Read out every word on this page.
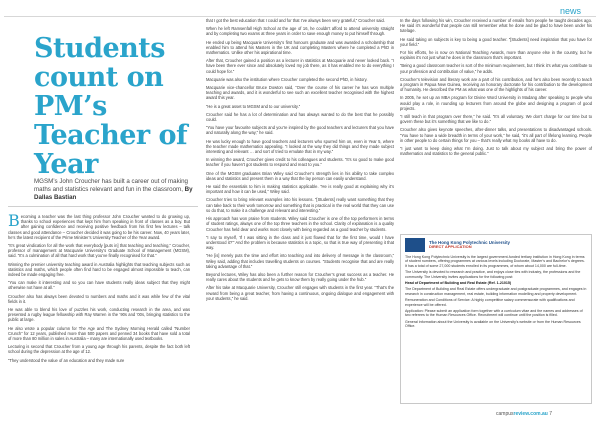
news
Students count on PM’s Teacher of Year
MGSM’s John Croucher has built a career out of making maths and statistics relevant and fun in the classroom, By Dallas Bastian

Becoming a teacher was the last thing professor John Croucher wanted to do growing up, thanks to school experiences that kept him from speaking in front of classes as a boy. But after gaining confidence and receiving positive feedback from his first few lectures – talk classes and good attendance – Croucher decided it was going to be his career. Now, 40 years later, he’s the latest recipient of the Prime Minister’s University Teacher of the Year award.

“It’s great vindication for all the work that everybody [puts in] that teaching and teaching,” Croucher, professor of management at Macquarie University’s Graduate School of Management (MGSM), said. “It’s a culmination of all that hard work that you’ve finally recognised for that.”

Winning the premier university teaching award in Australia highlights that teaching subjects such as statistics and maths, which people often find hard to be engaged almost impossible to teach, can indeed be made engaging free.

“You can make it interesting and so you can have students really ideas subject that they might otherwise not have at all.”

Croucher also has always been devoted to numbers and maths and it was while few of the vital fields in it.

He was able to blend his love of puzzles his work, conducting research in the area, and was presented a rugby league fellowship with Ray Warren in the ’90s and ’00s, bringing statistics to the public at large.

He also wrote a popular column for The Age and The Sydney Morning Herald called “Number Crunch” for 12 years, published more than 500 papers and penned 34 books that have sold a total of more than 80 million in sales in Australia – many are internationally used textbooks.

Lecturing is second that Croucher from a young age through his parents, despite the fact both left school during the depression at the age of 12.

“They understood the value of an education and they made sure

that I got the best education that I could and for that I’ve always been very grateful,” Croucher said.

When he left Ramsenfall High School at the age of 16, he couldn’t afford to attend university straight and by completing two exams at three years in order to save enough money to put himself through.

He ended up being Macquarie University’s first honours graduate and was awarded a scholarship that enabled him to attend his Masters in the UK and completing Masters where he completed a PhD in mathematics. Unlike other his aspirational time.

After that, Croucher gained a position as a lecturer in statistics at Macquarie and never looked back. “I have been there ever since and absolutely loved my job there, as it has enabled me to do everything I could hope for.”

Macquarie was also the institution where Croucher completed the second PhD, in history.

Macquarie vice-chancellor Bruce Dowton said, “Over the course of his career he has won multiple teaching and awards, and it is wonderful to see such an excellent teacher recognised with the highest award this year.

“He is a great asset to MGSM and to our university.”

Croucher said he has a lot of determination and has always wanted to do the best that he possibly could.

“You have your favourite subjects and you’re inspired by the good teachers and lecturers that you have and naturally along the way,” he said.

He was lucky enough to have good teachers and lecturers who spurred him on, even in Year 5, where the teacher made mathematics appealing. “I looked at the way they did things and they made subject interesting and relevant … and sort of tried to emulate that in my way.”

In winning the award, Croucher gives credit to his colleagues and students. “It’s so good to make good teacher if you haven’t got students to respond and react to you.”

One of the MGSM graduates Brian Wiley said Croucher’s strength lies in his ability to take complex ideas and statistics and present them in a way that the lay person can easily understand.

He said the essentials to him is making statistics applicable. “He is really good at explaining why it’s important and how it can be used,” Wiley said.

Croucher tries to bring relevant examples into his lessons. “[Students] really want something that they can take back to their work tomorrow and something that is practical in the real world that they can use so do that, to make it a challenge and relevant and interesting.”

His approach has won praise from students. Wiley said Croucher is one of the top performers in terms of student ratings, always one of the top three teachers in the school. Clarity of explanation is a quality Croucher has held dear and works most closely with being regarded as a good teacher by students.

“I say to myself, ‘If I was sitting in the class and it just flowed that for the first time, would I have understood it?’” And the problem is because statistics is a topic, so that is true way of presenting it that way.

“He [is] merely puts the time and effort into teaching and into delivery of message in the classroom,” Wiley said, adding that includes travelling students on courses. “Students recognise that and are really taking advantage of that.”

Beyond lectures, Wiley has also been a further reason for Croucher’s great success as a teacher. He really cares about the students and he gets to know them by really going under the hub.”

After his take at Macquarie University, Croucher still engages with students in the first year. “That’s the reward from being a great teacher, from having a continuous, ongoing dialogue and engagement with your students,” he said.

In the days following his win, Croucher received a number of emails from people he taught decades ago. He said it’s wonderful that people can still remember what he done and be glad to have been under his tutelage.

He said taking on subjects is key to being a good teacher. “[Students] need inspiration that you have for your field.”

For his efforts, he is now on National Teaching Awards, more than anyone else in the country, but he explains it’s not just what he does in the classroom that’s important.

“Being a good classroom teacher is sort of the minimum requirement, but I think it’s what you contribute to your profession and contribution of value,” he adds.

Croucher’s television and literary work are a part of his contribution, and he’s also been recently to teach a program in Papua New Guinea, receiving an honorary doctorate for his contribution to the development of humanity. He described the PM as what was one of the highlights of his career.

In 2005, he set up an MBA program for Divine Word University in Madang after speaking to people who would play a role, in rounding up lecturers from around the globe and designing a program of good projects.

“I still teach in that program over there,” he said. “It’s all voluntary. We don’t charge for our time but to govern these but it’s something that we like to do.”

Croucher also gives keynote speeches, after-dinner talks, and presentations to disadvantaged schools. “You have to have a wide breadth in terms of your work,” he said, “it’s all part of lifelong learning. People in other people to do certain things for you – that’s really what my books all have to do.

“I just want to keep doing what I’m doing. Just to talk about my subject and bring the power of mathematics and statistics to the general public.”

The Hong Kong Polytechnic University
DIRECT APPLICATION

The Hong Kong Polytechnic University is the largest government-funded tertiary institution in Hong Kong in terms of student numbers, offering programmes at various levels including Doctorate, Master’s and Bachelor’s degrees. It has a total of some 27,000 students enrolled in its programmes, of whom about 14,000 are full-time.

The University is devoted to research and practice, and enjoys close ties with industry, the professions and the community. The University invites applications for the following post:

Head of Department of Building and Real Estate (Ref. 1-21015)

The Department of Building and Real Estate offers undergraduate and postgraduate programmes, and engages in research in construction management, real estate, building information modelling and property development.

Remuneration and Conditions of Service: A highly competitive salary commensurate with qualifications and experience will be offered.

Application: Please submit an application form together with a curriculum vitae and the names and addresses of two referees to the Human Resources Office. Recruitment will continue until the position is filled.

General information about the University is available on the University’s website or from the Human Resources Office.

campusreview.com.au 7
